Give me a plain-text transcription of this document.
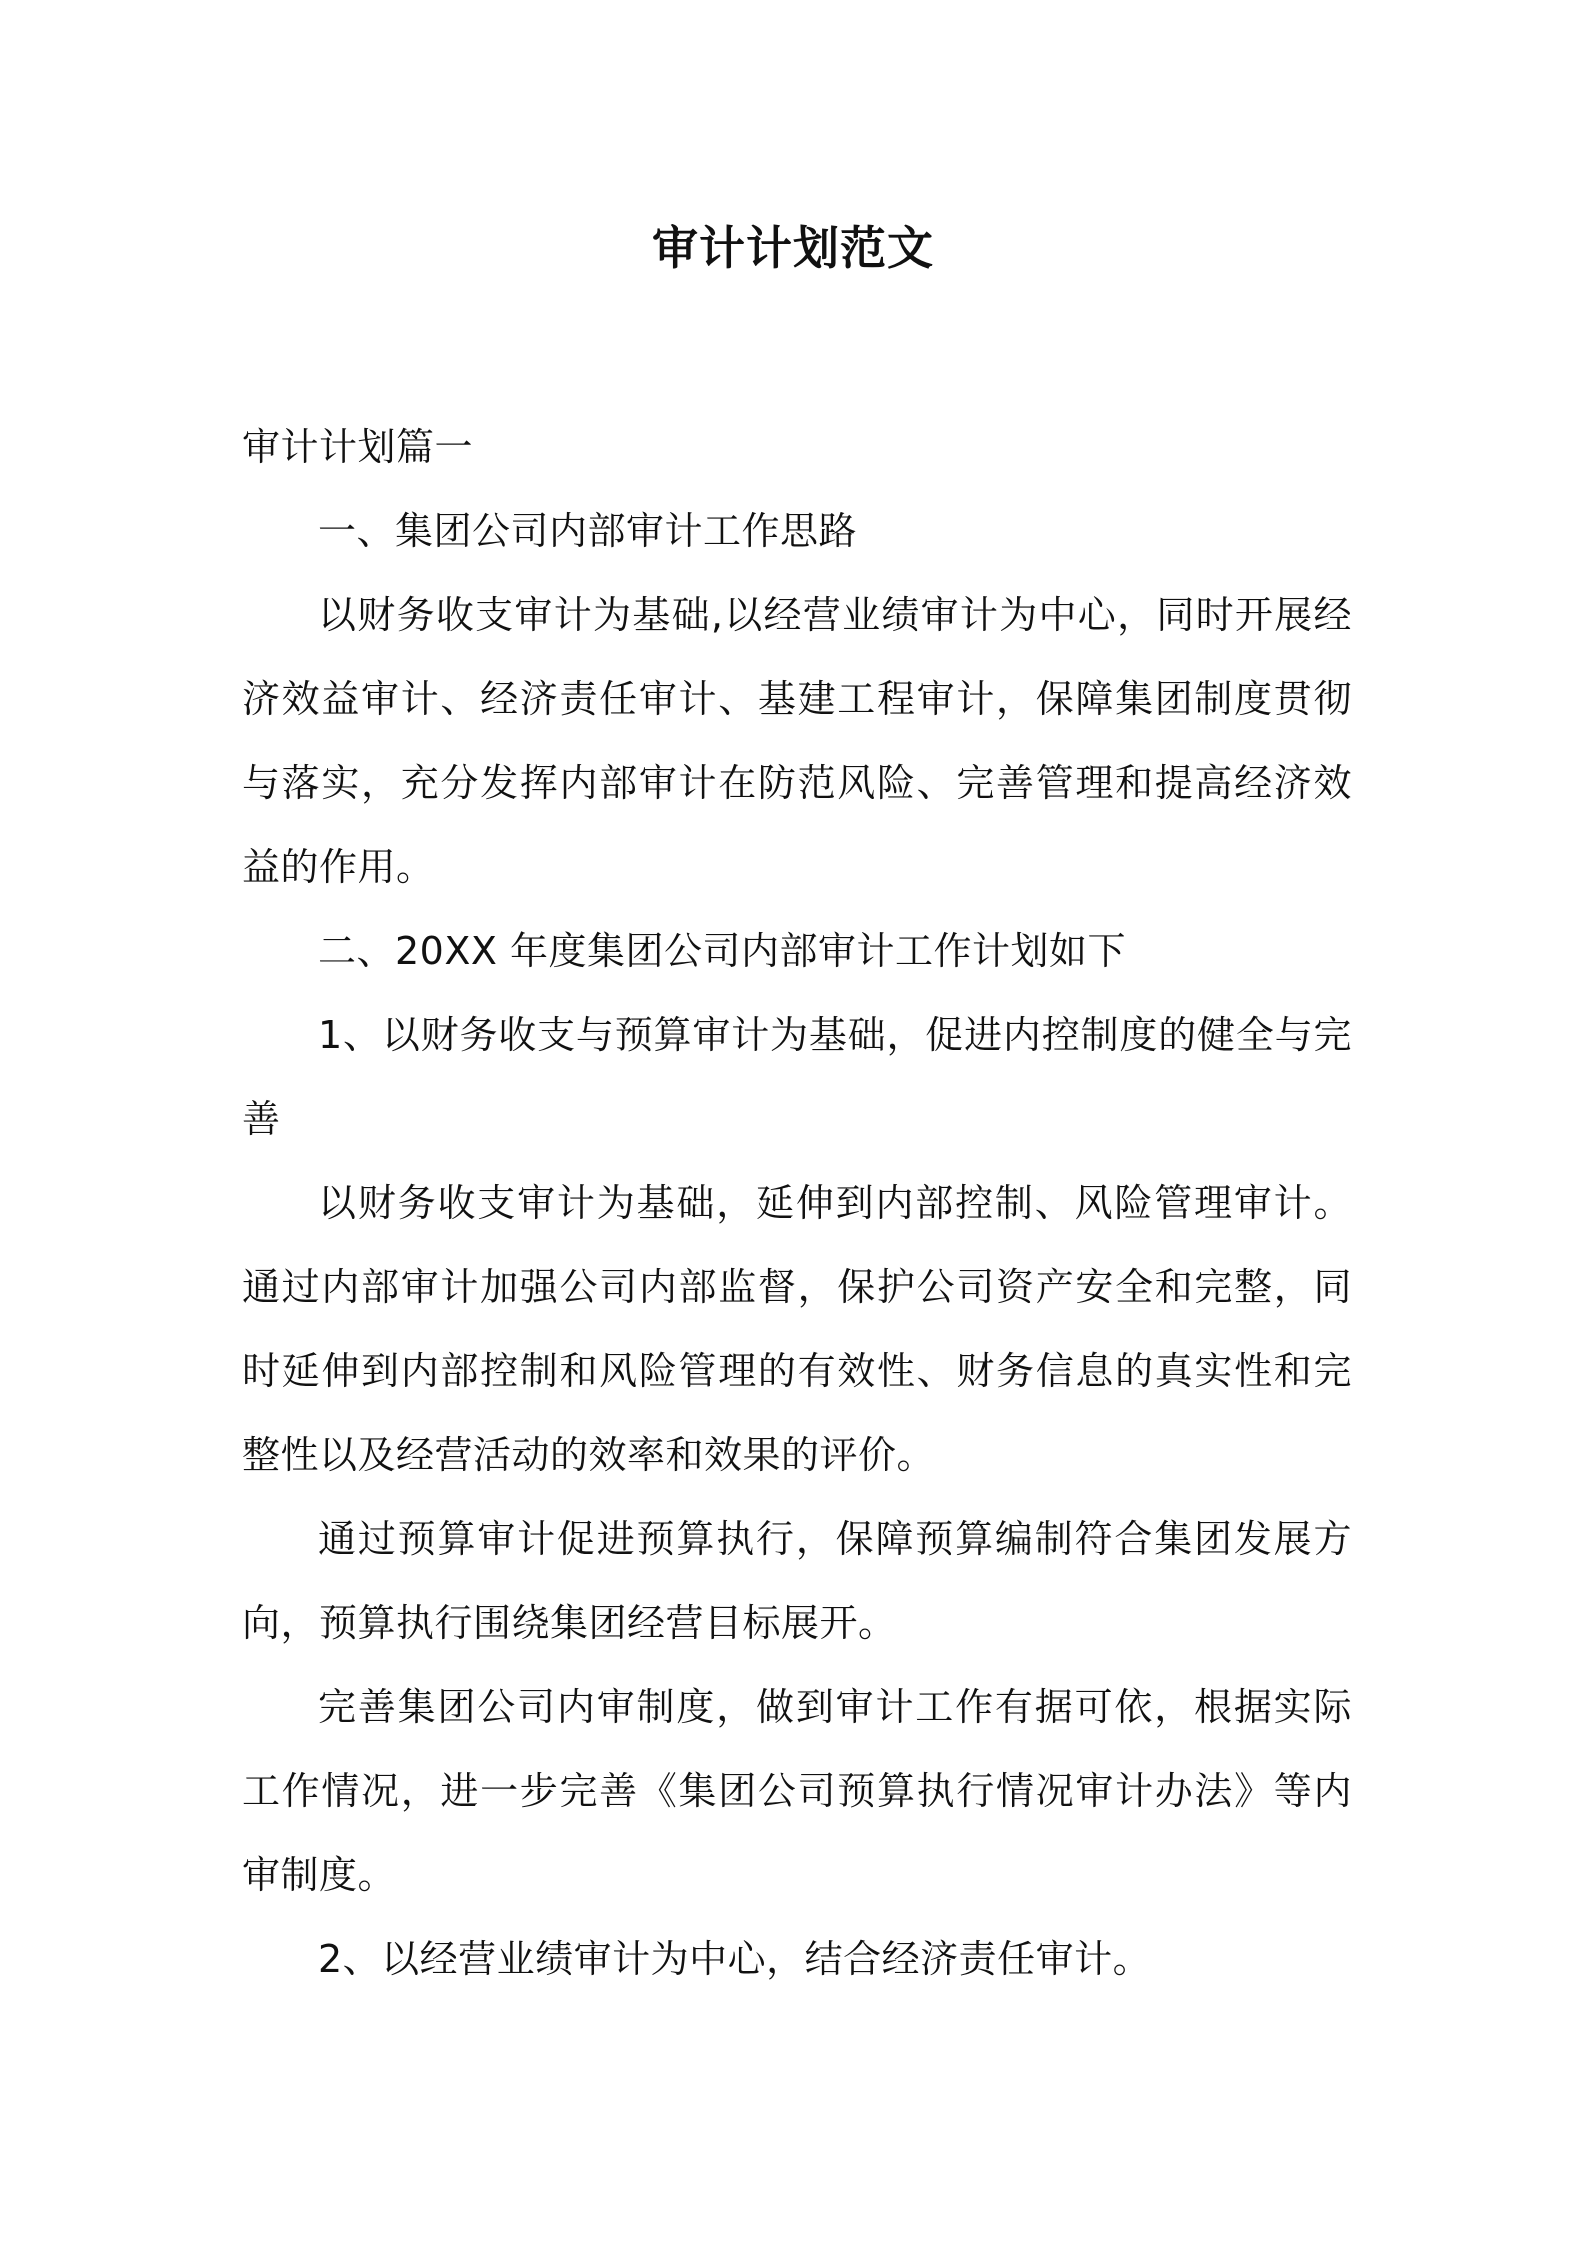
审计计划范文

审计计划篇一

一、集团公司内部审计工作思路

以财务收支审计为基础,以经营业绩审计为中心，同时开展经济效益审计、经济责任审计、基建工程审计，保障集团制度贯彻与落实，充分发挥内部审计在防范风险、完善管理和提高经济效益的作用。

二、20XX 年度集团公司内部审计工作计划如下

1、以财务收支与预算审计为基础，促进内控制度的健全与完善

以财务收支审计为基础，延伸到内部控制、风险管理审计。通过内部审计加强公司内部监督，保护公司资产安全和完整，同时延伸到内部控制和风险管理的有效性、财务信息的真实性和完整性以及经营活动的效率和效果的评价。

通过预算审计促进预算执行，保障预算编制符合集团发展方向，预算执行围绕集团经营目标展开。

完善集团公司内审制度，做到审计工作有据可依，根据实际工作情况，进一步完善《集团公司预算执行情况审计办法》等内审制度。

2、以经营业绩审计为中心，结合经济责任审计。
